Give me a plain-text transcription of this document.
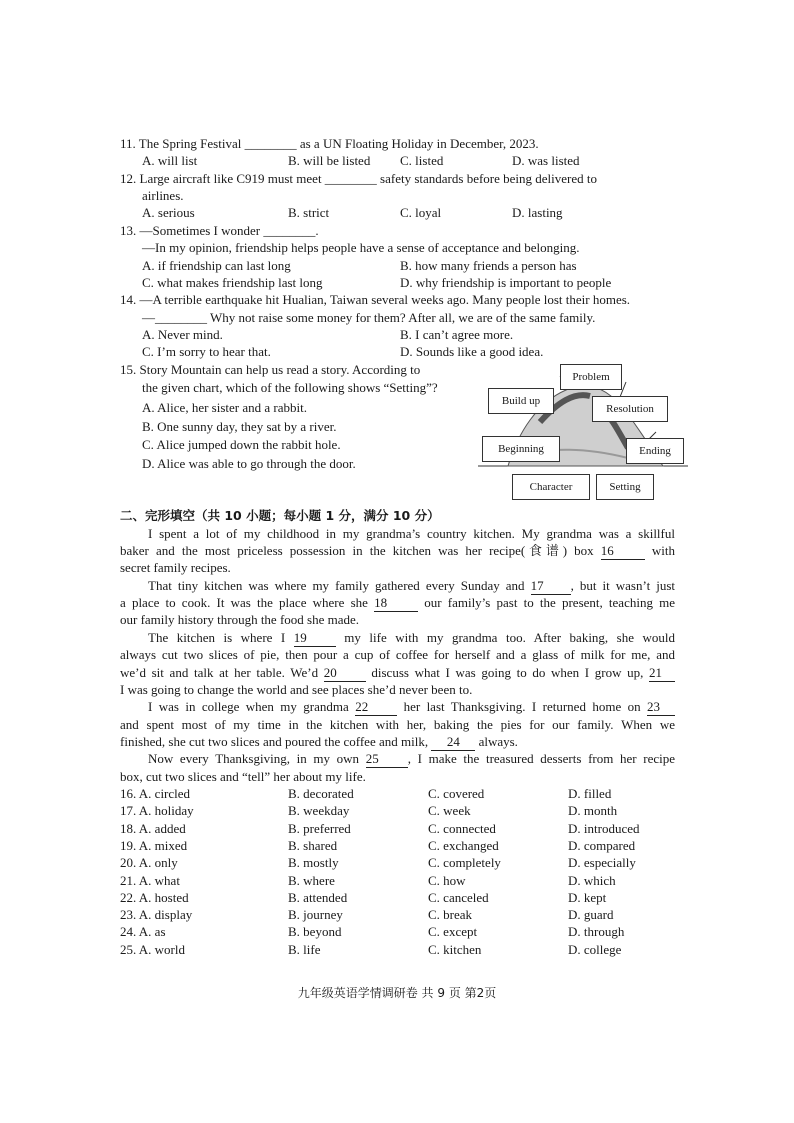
11. The Spring Festival ________ as a UN Floating Holiday in December, 2023.
A. will list	B. will be listed C. listed	D. was listed
12. Large aircraft like C919 must meet ________ safety standards before being delivered to
airlines.
A. serious	B. strict	C. loyal	D. lasting
13. —Sometimes I wonder ________.
—In my opinion, friendship helps people have a sense of acceptance and belonging.
A. if friendship can last long	B. how many friends a person has
C. what makes friendship last long	D. why friendship is important to people
14. —A terrible earthquake hit Hualian, Taiwan several weeks ago. Many people lost their homes.
—________ Why not raise some money for them? After all, we are of the same family.
A. Never mind.	B. I can’t agree more.
C. I’m sorry to hear that.	D. Sounds like a good idea.
15. Story Mountain can help us read a story. According to
the given chart, which of the following shows “Setting”?
A. Alice, her sister and a rabbit.
B. One sunny day, they sat by a river.
C. Alice jumped down the rabbit hole.
D. Alice was able to go through the door.
Problem
Build up
Resolution
Beginning	Ending
Character	Setting
二、完形填空（共 10 小题；每小题 1 分，满分 10 分）
I spent a lot of my childhood in my grandma’s country kitchen. My grandma was a skillful
baker and the most priceless possession in the kitchen was her recipe(食谱) box 16	with
secret family recipes.
That tiny kitchen was where my family gathered every Sunday and 17 , but it wasn’t just
a place to cook. It was the place where she 18	our family’s past to the present, teaching me
our family history through the food she made.
The kitchen is where I 19	my life with my grandma too. After baking, she would
always cut two slices of pie, then pour a cup of coffee for herself and a glass of milk for me, and
we’d sit and talk at her table. We’d 20	discuss what I was going to do when I grow up, 21
I was going to change the world and see places she’d never been to.
I was in college when my grandma 22	her last Thanksgiving. I returned home on 23
and spent most of my time in the kitchen with her, baking the pies for our family. When we
finished, she cut two slices and poured the coffee and milk, 24 always.
Now every Thanksgiving, in my own 25 , I make the treasured desserts from her recipe
box, cut two slices and “tell” her about my life.
16. A. circled	B. decorated	C. covered	D. filled
17. A. holiday	B. weekday	C. week	D. month
18. A. added	B. preferred	C. connected	D. introduced
19. A. mixed	B. shared	C. exchanged	D. compared
20. A. only	B. mostly	C. completely	D. especially
21. A. what	B. where	C. how	D. which
22. A. hosted	B. attended	C. canceled	D. kept
23. A. display	B. journey	C. break	D. guard
24. A. as	B. beyond	C. except	D. through
25. A. world	B. life	C. kitchen	D. college
九年级英语学情调研卷 共 9 页 第2页
